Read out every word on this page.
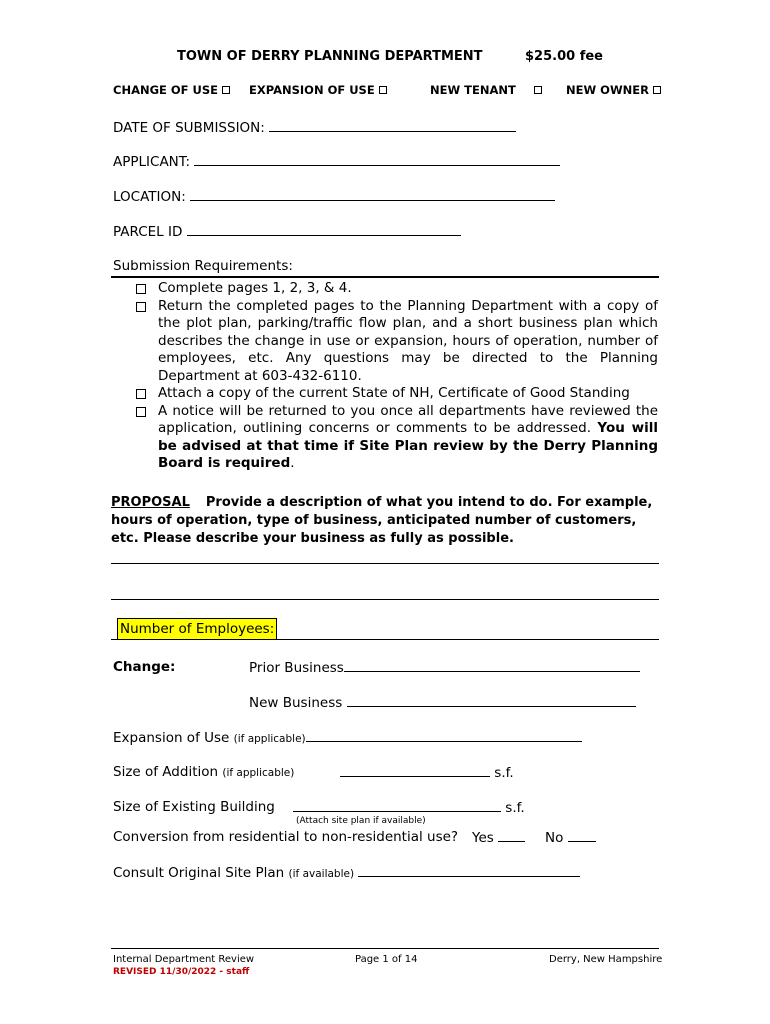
TOWN OF DERRY PLANNING DEPARTMENT	$25.00 fee
CHANGE OF USE	EXPANSION OF USE	NEW TENANT	NEW OWNER
DATE OF SUBMISSION:
APPLICANT:
LOCATION:
PARCEL ID
Submission Requirements:
Complete pages 1, 2, 3, & 4.
Return the completed pages to the Planning Department with a copy of the plot plan, parking/traffic flow plan, and a short business plan which describes the change in use or expansion, hours of operation, number of employees, etc. Any questions may be directed to the Planning Department at 603-432-6110.
Attach a copy of the current State of NH, Certificate of Good Standing
A notice will be returned to you once all departments have reviewed the application, outlining concerns or comments to be addressed. You will be advised at that time if Site Plan review by the Derry Planning Board is required.
PROPOSAL Provide a description of what you intend to do. For example, hours of operation, type of business, anticipated number of customers, etc. Please describe your business as fully as possible.
Number of Employees:
Change:	Prior Business
New Business
Expansion of Use (if applicable)
Size of Addition (if applicable)	s.f.
Size of Existing Building	s.f.
(Attach site plan if available)
Conversion from residential to non-residential use? Yes	No
Consult Original Site Plan (if available)
Internal Department Review
REVISED 11/30/2022 - staff
Page 1 of 14	Derry, New Hampshire
